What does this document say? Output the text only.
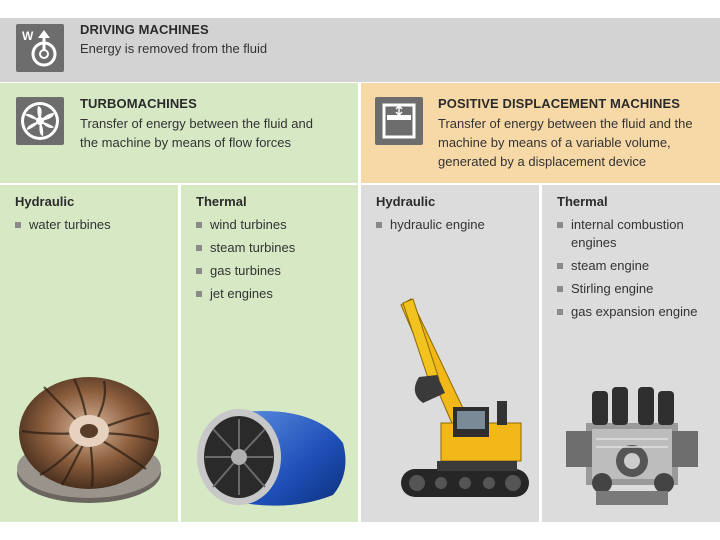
W	DRIVING MACHINES
Energy is removed from the fluid
TURBOMACHINES
Transfer of energy between the fluid and
the machine by means of flow forces
POSITIVE DISPLACEMENT MACHINES
Transfer of energy between the fluid and the
machine by means of a variable volume,
generated by a displacement device
Hydraulic
water turbines
Thermal
wind turbines
steam turbines
gas turbines
jet engines
Hydraulic
hydraulic engine
Thermal
internal combustion engines
steam engine
Stirling engine
gas expansion engine
